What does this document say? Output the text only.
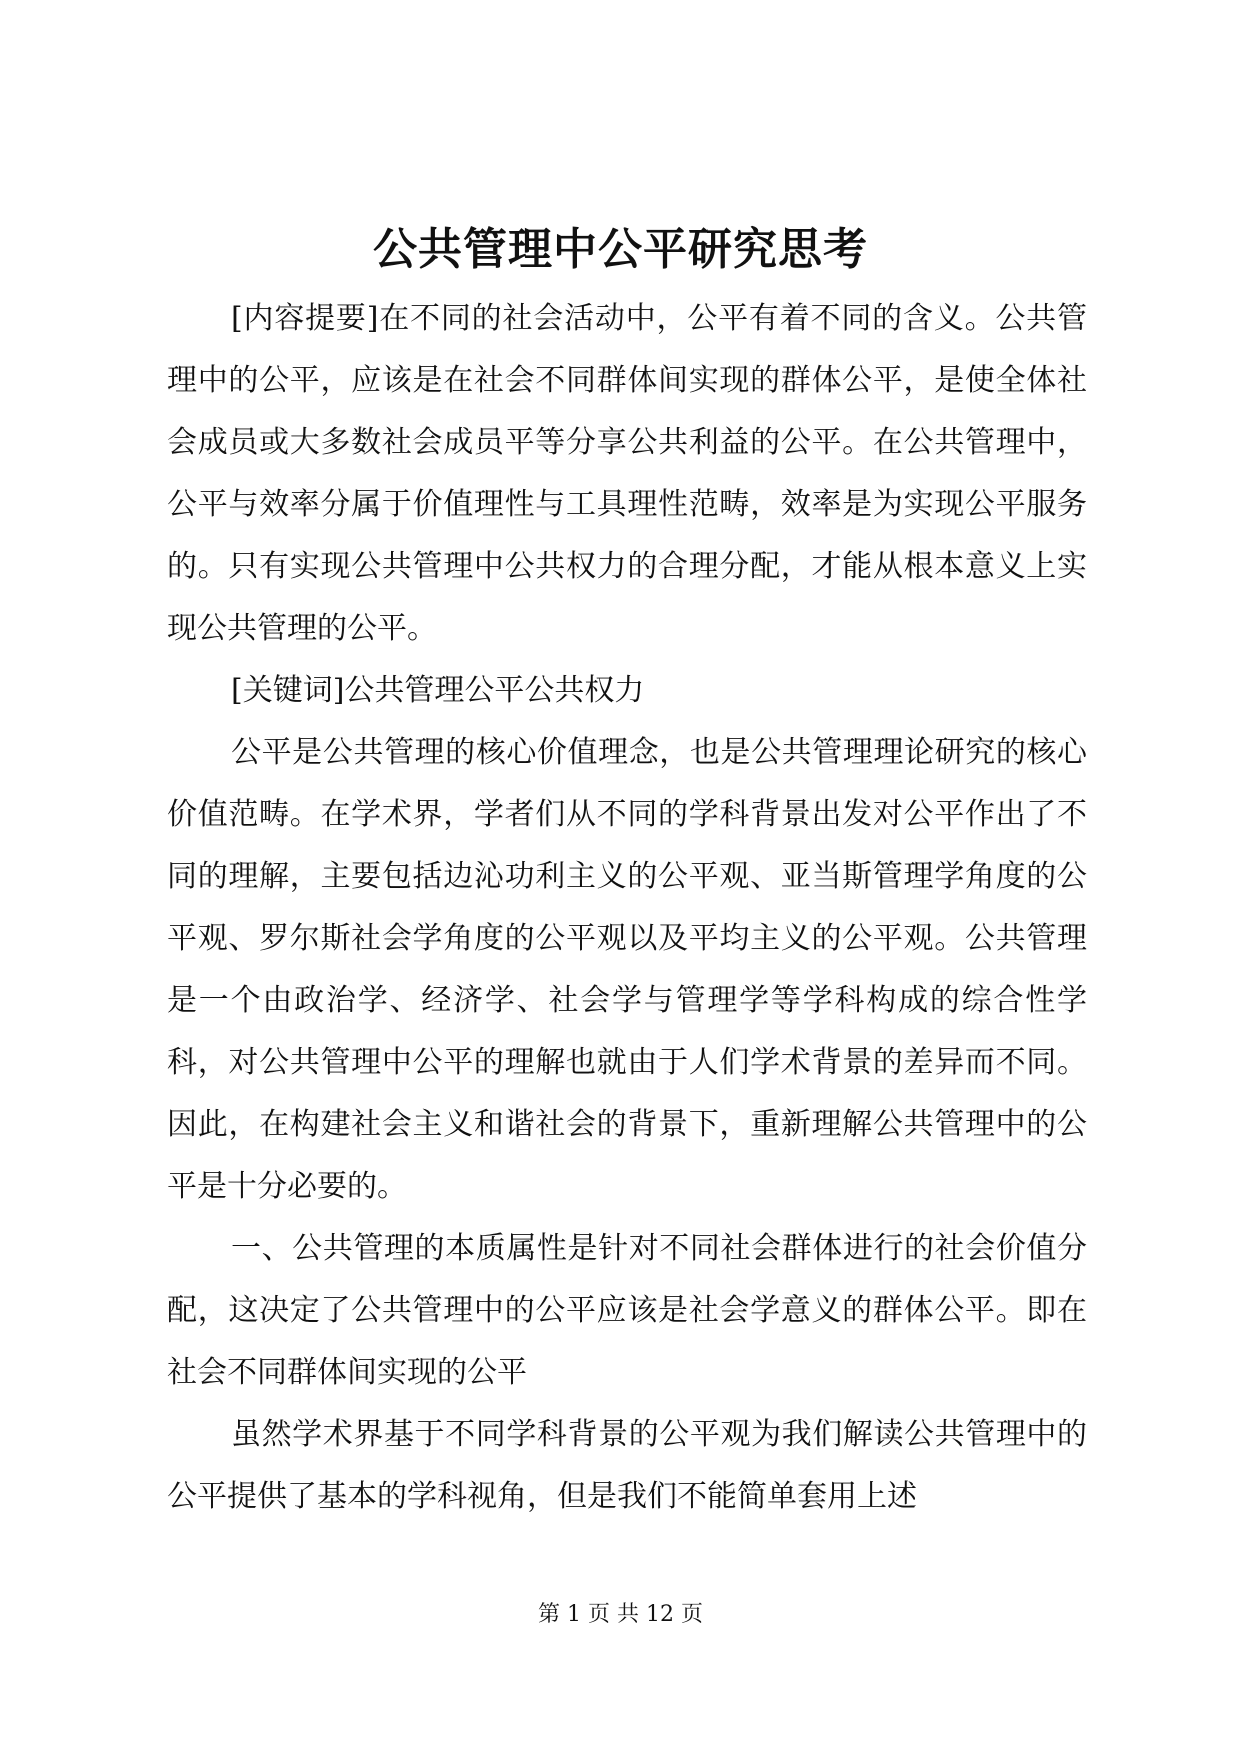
公共管理中公平研究思考

[内容提要]在不同的社会活动中，公平有着不同的含义。公共管理中的公平，应该是在社会不同群体间实现的群体公平，是使全体社会成员或大多数社会成员平等分享公共利益的公平。在公共管理中，公平与效率分属于价值理性与工具理性范畴，效率是为实现公平服务的。只有实现公共管理中公共权力的合理分配，才能从根本意义上实现公共管理的公平。

[关键词]公共管理公平公共权力

公平是公共管理的核心价值理念，也是公共管理理论研究的核心价值范畴。在学术界，学者们从不同的学科背景出发对公平作出了不同的理解，主要包括边沁功利主义的公平观、亚当斯管理学角度的公平观、罗尔斯社会学角度的公平观以及平均主义的公平观。公共管理是一个由政治学、经济学、社会学与管理学等学科构成的综合性学科，对公共管理中公平的理解也就由于人们学术背景的差异而不同。因此，在构建社会主义和谐社会的背景下，重新理解公共管理中的公平是十分必要的。

一、公共管理的本质属性是针对不同社会群体进行的社会价值分配，这决定了公共管理中的公平应该是社会学意义的群体公平。即在社会不同群体间实现的公平

虽然学术界基于不同学科背景的公平观为我们解读公共管理中的公平提供了基本的学科视角，但是我们不能简单套用上述

第 1 页 共 12 页
